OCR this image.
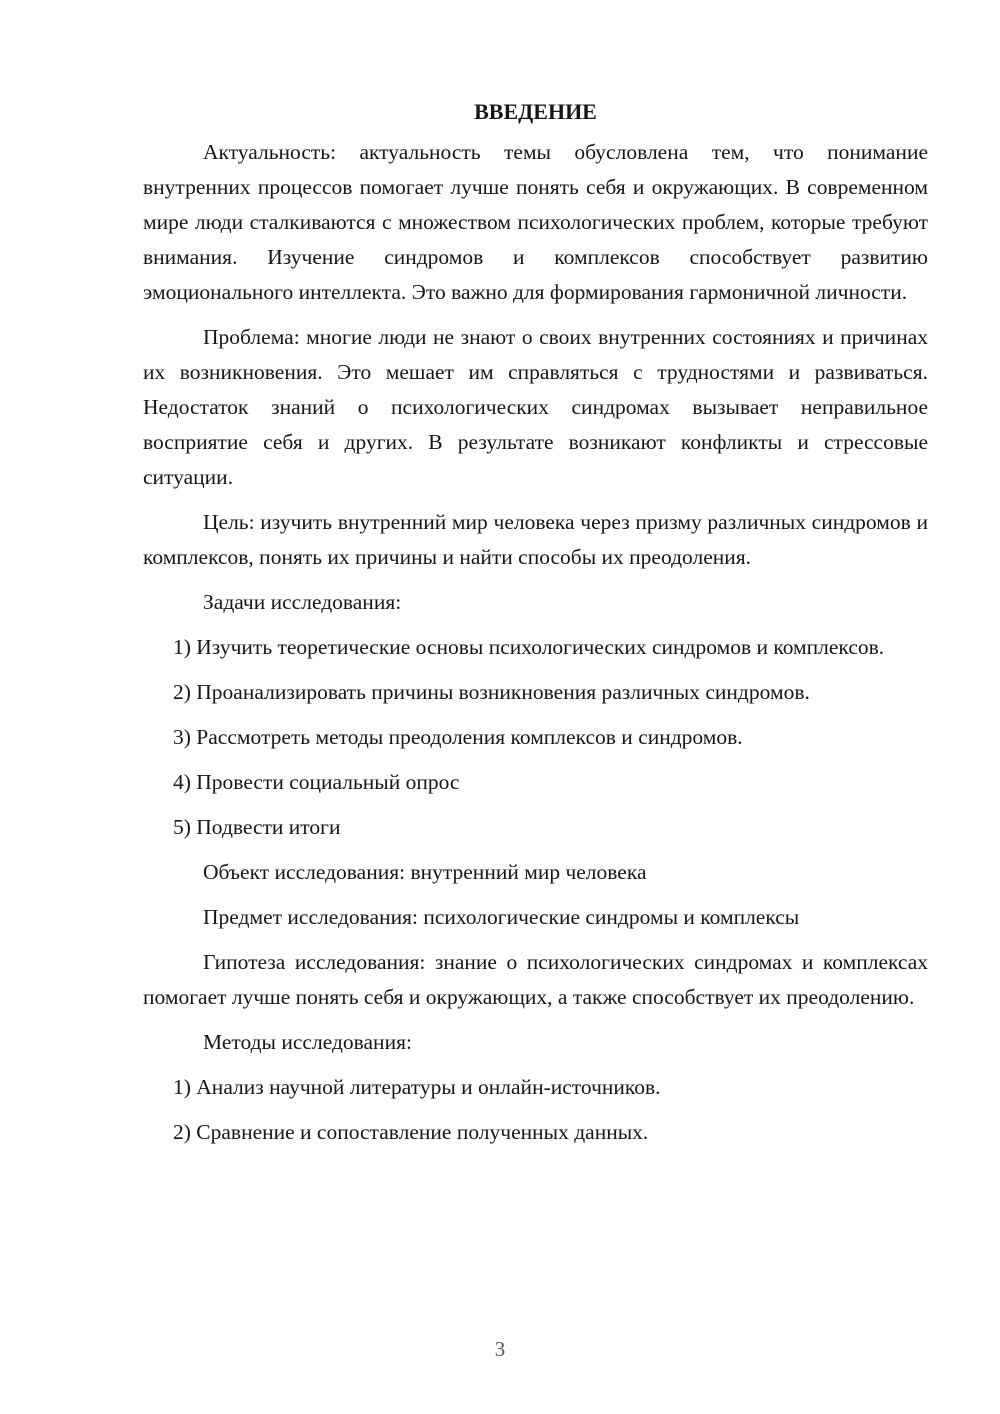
ВВЕДЕНИЕ

Актуальность: актуальность темы обусловлена тем, что понимание внутренних процессов помогает лучше понять себя и окружающих. В современном мире люди сталкиваются с множеством психологических проблем, которые требуют внимания. Изучение синдромов и комплексов способствует развитию эмоционального интеллекта. Это важно для формирования гармоничной личности.

Проблема: многие люди не знают о своих внутренних состояниях и причинах их возникновения. Это мешает им справляться с трудностями и развиваться. Недостаток знаний о психологических синдромах вызывает неправильное восприятие себя и других. В результате возникают конфликты и стрессовые ситуации.

Цель: изучить внутренний мир человека через призму различных синдромов и комплексов, понять их причины и найти способы их преодоления.

Задачи исследования:

1) Изучить теоретические основы психологических синдромов и комплексов.

2) Проанализировать причины возникновения различных синдромов.

3) Рассмотреть методы преодоления комплексов и синдромов.

4) Провести социальный опрос

5) Подвести итоги

Объект исследования: внутренний мир человека

Предмет исследования: психологические синдромы и комплексы

Гипотеза исследования: знание о психологических синдромах и комплексах помогает лучше понять себя и окружающих, а также способствует их преодолению.

Методы исследования:

1) Анализ научной литературы и онлайн-источников.

2) Сравнение и сопоставление полученных данных.

3
